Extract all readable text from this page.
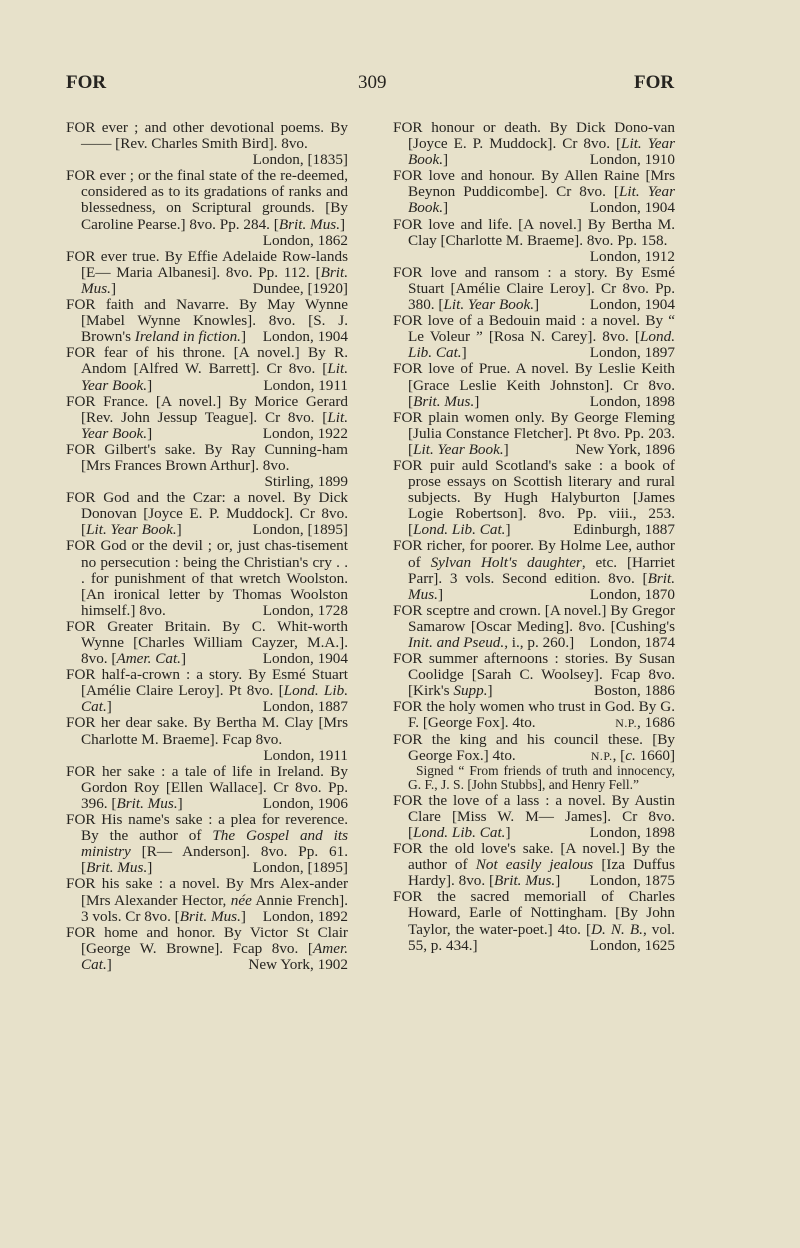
FOR	309	FOR

FOR ever ; and other devotional poems. By —— [Rev. Charles Smith Bird]. 8vo.
London, [1835]

FOR ever ; or the final state of the re-deemed, considered as to its gradations of ranks and blessedness, on Scriptural grounds. [By Caroline Pearse.] 8vo. Pp. 284. [Brit. Mus.]
London, 1862

FOR ever true. By Effie Adelaide Row-lands [E— Maria Albanesi]. 8vo. Pp. 112. [Brit. Mus.]	Dundee, [1920]

FOR faith and Navarre. By May Wynne [Mabel Wynne Knowles]. 8vo. [S. J. Brown's Ireland in fiction.]	London, 1904

FOR fear of his throne. [A novel.] By R. Andom [Alfred W. Barrett]. Cr 8vo. [Lit. Year Book.]	London, 1911

FOR France. [A novel.] By Morice Gerard [Rev. John Jessup Teague]. Cr 8vo. [Lit. Year Book.]	London, 1922

FOR Gilbert's sake. By Ray Cunning-ham [Mrs Frances Brown Arthur]. 8vo.
Stirling, 1899

FOR God and the Czar: a novel. By Dick Donovan [Joyce E. P. Muddock]. Cr 8vo. [Lit. Year Book.]	London, [1895]

FOR God or the devil ; or, just chas-tisement no persecution : being the Christian's cry . . . for punishment of that wretch Woolston. [An ironical letter by Thomas Woolston himself.] 8vo.	London, 1728

FOR Greater Britain. By C. Whit-worth Wynne [Charles William Cayzer, M.A.]. 8vo. [Amer. Cat.]	London, 1904

FOR half-a-crown : a story. By Esmé Stuart [Amélie Claire Leroy]. Pt 8vo. [Lond. Lib. Cat.]	London, 1887

FOR her dear sake. By Bertha M. Clay [Mrs Charlotte M. Braeme]. Fcap 8vo.
London, 1911

FOR her sake : a tale of life in Ireland. By Gordon Roy [Ellen Wallace]. Cr 8vo. Pp. 396. [Brit. Mus.]	London, 1906

FOR His name's sake : a plea for reverence. By the author of The Gospel and its ministry [R— Anderson]. 8vo. Pp. 61. [Brit. Mus.]	London, [1895]

FOR his sake : a novel. By Mrs Alex-ander [Mrs Alexander Hector, née Annie French]. 3 vols. Cr 8vo. [Brit. Mus.]	London, 1892

FOR home and honor. By Victor St Clair [George W. Browne]. Fcap 8vo. [Amer. Cat.]	New York, 1902

FOR honour or death. By Dick Dono-van [Joyce E. P. Muddock]. Cr 8vo. [Lit. Year Book.]	London, 1910

FOR love and honour. By Allen Raine [Mrs Beynon Puddicombe]. Cr 8vo. [Lit. Year Book.]	London, 1904

FOR love and life. [A novel.] By Bertha M. Clay [Charlotte M. Braeme]. 8vo. Pp. 158.
London, 1912

FOR love and ransom : a story. By Esmé Stuart [Amélie Claire Leroy]. Cr 8vo. Pp. 380. [Lit. Year Book.]	London, 1904

FOR love of a Bedouin maid : a novel. By “ Le Voleur ” [Rosa N. Carey]. 8vo. [Lond. Lib. Cat.]	London, 1897

FOR love of Prue. A novel. By Leslie Keith [Grace Leslie Keith Johnston]. Cr 8vo. [Brit. Mus.]	London, 1898

FOR plain women only. By George Fleming [Julia Constance Fletcher]. Pt 8vo. Pp. 203. [Lit. Year Book.]	New York, 1896

FOR puir auld Scotland's sake : a book of prose essays on Scottish literary and rural subjects. By Hugh Halyburton [James Logie Robertson]. 8vo. Pp. viii., 253. [Lond. Lib. Cat.]	Edinburgh, 1887

FOR richer, for poorer. By Holme Lee, author of Sylvan Holt's daughter, etc. [Harriet Parr]. 3 vols. Second edition. 8vo. [Brit. Mus.]	London, 1870

FOR sceptre and crown. [A novel.] By Gregor Samarow [Oscar Meding]. 8vo. [Cushing's Init. and Pseud., i., p. 260.]	London, 1874

FOR summer afternoons : stories. By Susan Coolidge [Sarah C. Woolsey]. Fcap 8vo. [Kirk's Supp.]	Boston, 1886

FOR the holy women who trust in God. By G. F. [George Fox]. 4to.	N.P., 1686

FOR the king and his council these. [By George Fox.] 4to.	N.P., [c. 1660]

Signed “ From friends of truth and innocency, G. F., J. S. [John Stubbs], and Henry Fell.”

FOR the love of a lass : a novel. By Austin Clare [Miss W. M— James]. Cr 8vo. [Lond. Lib. Cat.]	London, 1898

FOR the old love's sake. [A novel.] By the author of Not easily jealous [Iza Duffus Hardy]. 8vo. [Brit. Mus.]	London, 1875

FOR the sacred memoriall of Charles Howard, Earle of Nottingham. [By John Taylor, the water-poet.] 4to. [D. N. B., vol. 55, p. 434.]	London, 1625
